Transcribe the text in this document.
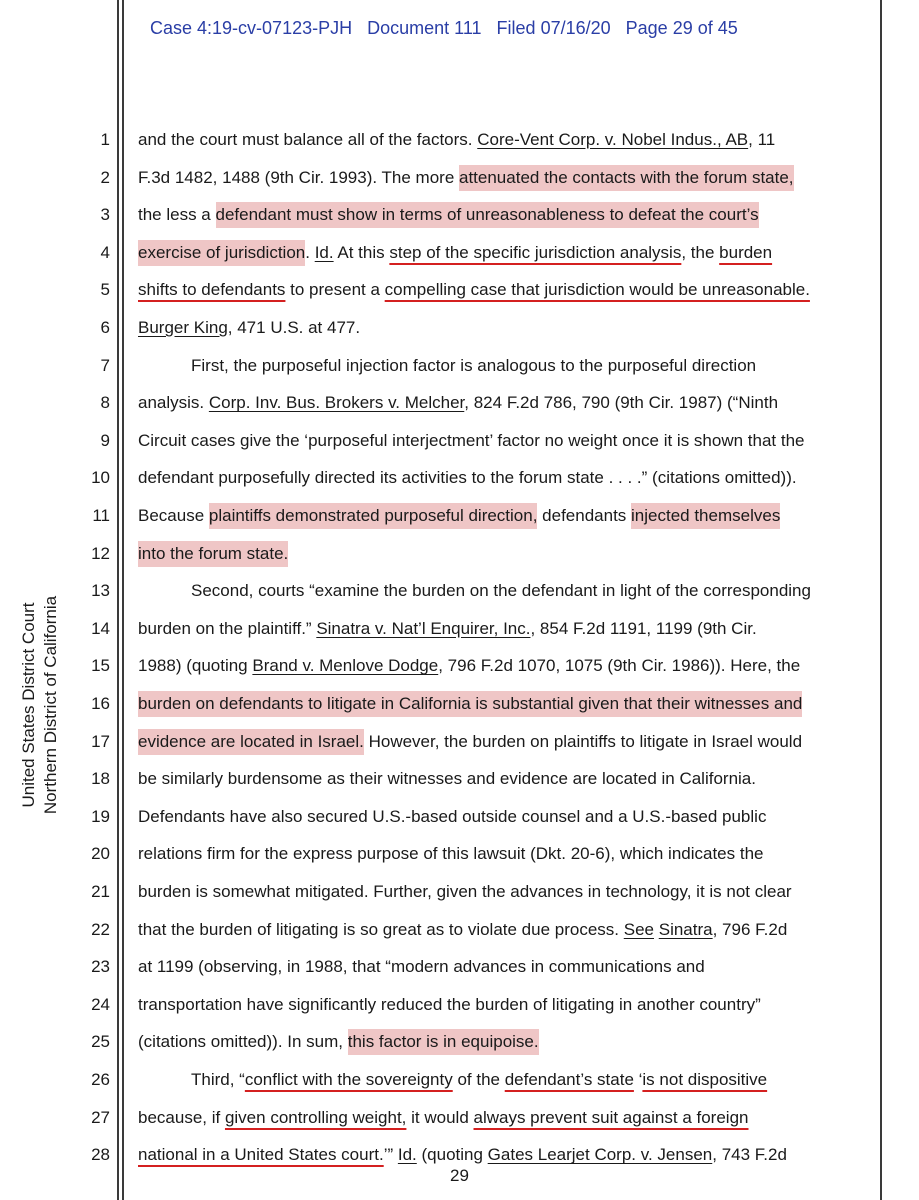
Case 4:19-cv-07123-PJH Document 111 Filed 07/16/20 Page 29 of 45
United States District Court Northern District of California
1 and the court must balance all of the factors. Core-Vent Corp. v. Nobel Indus., AB, 11
2 F.3d 1482, 1488 (9th Cir. 1993). The more attenuated the contacts with the forum state,
3 the less a defendant must show in terms of unreasonableness to defeat the court’s
4 exercise of jurisdiction. Id. At this step of the specific jurisdiction analysis, the burden
5 shifts to defendants to present a compelling case that jurisdiction would be unreasonable.
6 Burger King, 471 U.S. at 477.
7	First, the purposeful injection factor is analogous to the purposeful direction
8 analysis. Corp. Inv. Bus. Brokers v. Melcher, 824 F.2d 786, 790 (9th Cir. 1987) (“Ninth
9 Circuit cases give the ‘purposeful interjectment’ factor no weight once it is shown that the
10 defendant purposefully directed its activities to the forum state . . . .” (citations omitted)).
11 Because plaintiffs demonstrated purposeful direction, defendants injected themselves
12 into the forum state.
13	Second, courts “examine the burden on the defendant in light of the corresponding
14 burden on the plaintiff.” Sinatra v. Nat’l Enquirer, Inc., 854 F.2d 1191, 1199 (9th Cir.
15 1988) (quoting Brand v. Menlove Dodge, 796 F.2d 1070, 1075 (9th Cir. 1986)). Here, the
16 burden on defendants to litigate in California is substantial given that their witnesses and
17 evidence are located in Israel. However, the burden on plaintiffs to litigate in Israel would
18 be similarly burdensome as their witnesses and evidence are located in California.
19 Defendants have also secured U.S.-based outside counsel and a U.S.-based public
20 relations firm for the express purpose of this lawsuit (Dkt. 20-6), which indicates the
21 burden is somewhat mitigated. Further, given the advances in technology, it is not clear
22 that the burden of litigating is so great as to violate due process. See Sinatra, 796 F.2d
23 at 1199 (observing, in 1988, that “modern advances in communications and
24 transportation have significantly reduced the burden of litigating in another country”
25 (citations omitted)). In sum, this factor is in equipoise.
26	Third, “conflict with the sovereignty of the defendant’s state ‘is not dispositive
27 because, if given controlling weight, it would always prevent suit against a foreign
28 national in a United States court.’” Id. (quoting Gates Learjet Corp. v. Jensen, 743 F.2d
29
